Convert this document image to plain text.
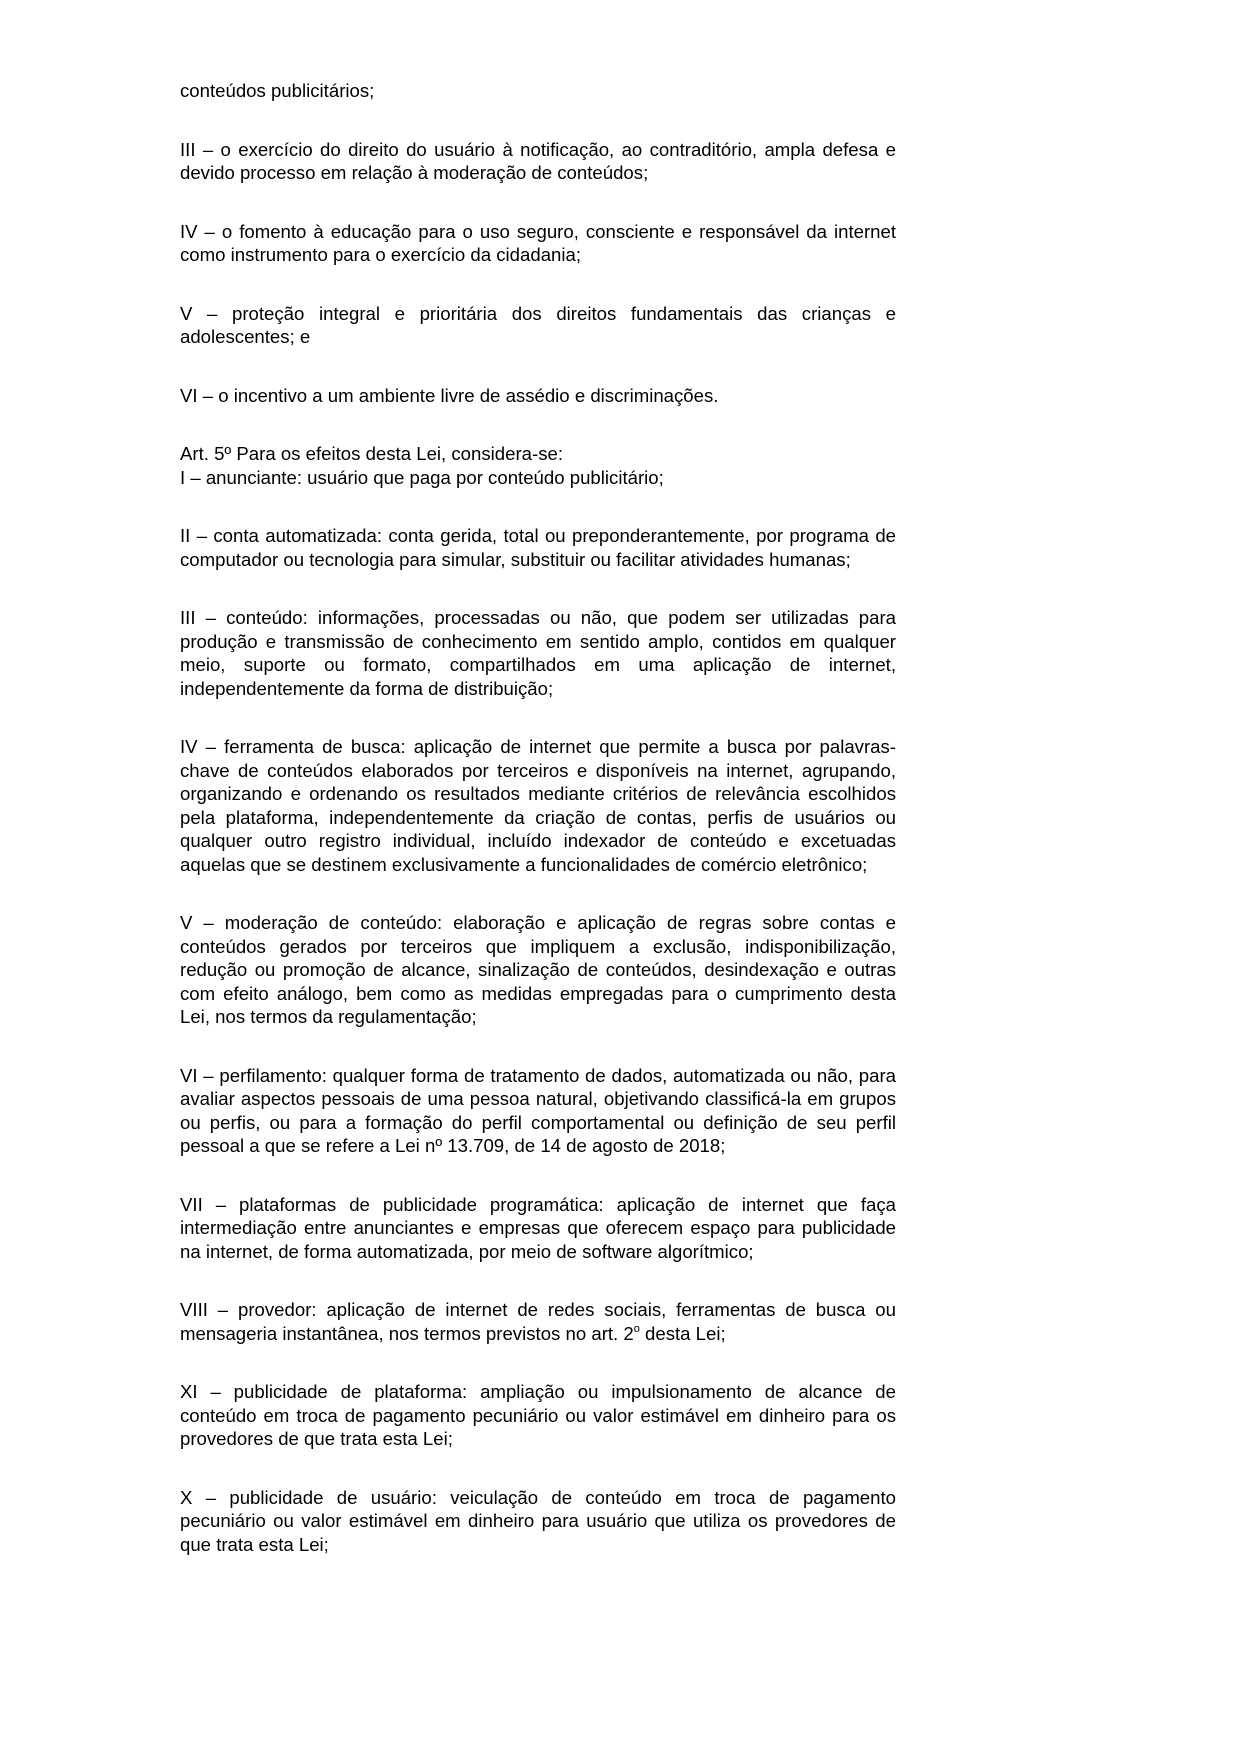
conteúdos publicitários;

III – o exercício do direito do usuário à notificação, ao contraditório, ampla defesa e devido processo em relação à moderação de conteúdos;

IV – o fomento à educação para o uso seguro, consciente e responsável da internet como instrumento para o exercício da cidadania;

V – proteção integral e prioritária dos direitos fundamentais das crianças e adolescentes; e

VI – o incentivo a um ambiente livre de assédio e discriminações.

Art. 5º Para os efeitos desta Lei, considera-se:

I – anunciante: usuário que paga por conteúdo publicitário;

II – conta automatizada: conta gerida, total ou preponderantemente, por programa de computador ou tecnologia para simular, substituir ou facilitar atividades humanas;

III – conteúdo: informações, processadas ou não, que podem ser utilizadas para produção e transmissão de conhecimento em sentido amplo, contidos em qualquer meio, suporte ou formato, compartilhados em uma aplicação de internet, independentemente da forma de distribuição;

IV – ferramenta de busca: aplicação de internet que permite a busca por palavras-chave de conteúdos elaborados por terceiros e disponíveis na internet, agrupando, organizando e ordenando os resultados mediante critérios de relevância escolhidos pela plataforma, independentemente da criação de contas, perfis de usuários ou qualquer outro registro individual, incluído indexador de conteúdo e excetuadas aquelas que se destinem exclusivamente a funcionalidades de comércio eletrônico;

V – moderação de conteúdo: elaboração e aplicação de regras sobre contas e conteúdos gerados por terceiros que impliquem a exclusão, indisponibilização, redução ou promoção de alcance, sinalização de conteúdos, desindexação e outras com efeito análogo, bem como as medidas empregadas para o cumprimento desta Lei, nos termos da regulamentação;

VI – perfilamento: qualquer forma de tratamento de dados, automatizada ou não, para avaliar aspectos pessoais de uma pessoa natural, objetivando classificá-la em grupos ou perfis, ou para a formação do perfil comportamental ou definição de seu perfil pessoal a que se refere a Lei nº 13.709, de 14 de agosto de 2018;

VII – plataformas de publicidade programática: aplicação de internet que faça intermediação entre anunciantes e empresas que oferecem espaço para publicidade na internet, de forma automatizada, por meio de software algorítmico;

VIII – provedor: aplicação de internet de redes sociais, ferramentas de busca ou mensageria instantânea, nos termos previstos no art. 2$^o$ desta Lei;

XI – publicidade de plataforma: ampliação ou impulsionamento de alcance de conteúdo em troca de pagamento pecuniário ou valor estimável em dinheiro para os provedores de que trata esta Lei;

X – publicidade de usuário: veiculação de conteúdo em troca de pagamento pecuniário ou valor estimável em dinheiro para usuário que utiliza os provedores de que trata esta Lei;
